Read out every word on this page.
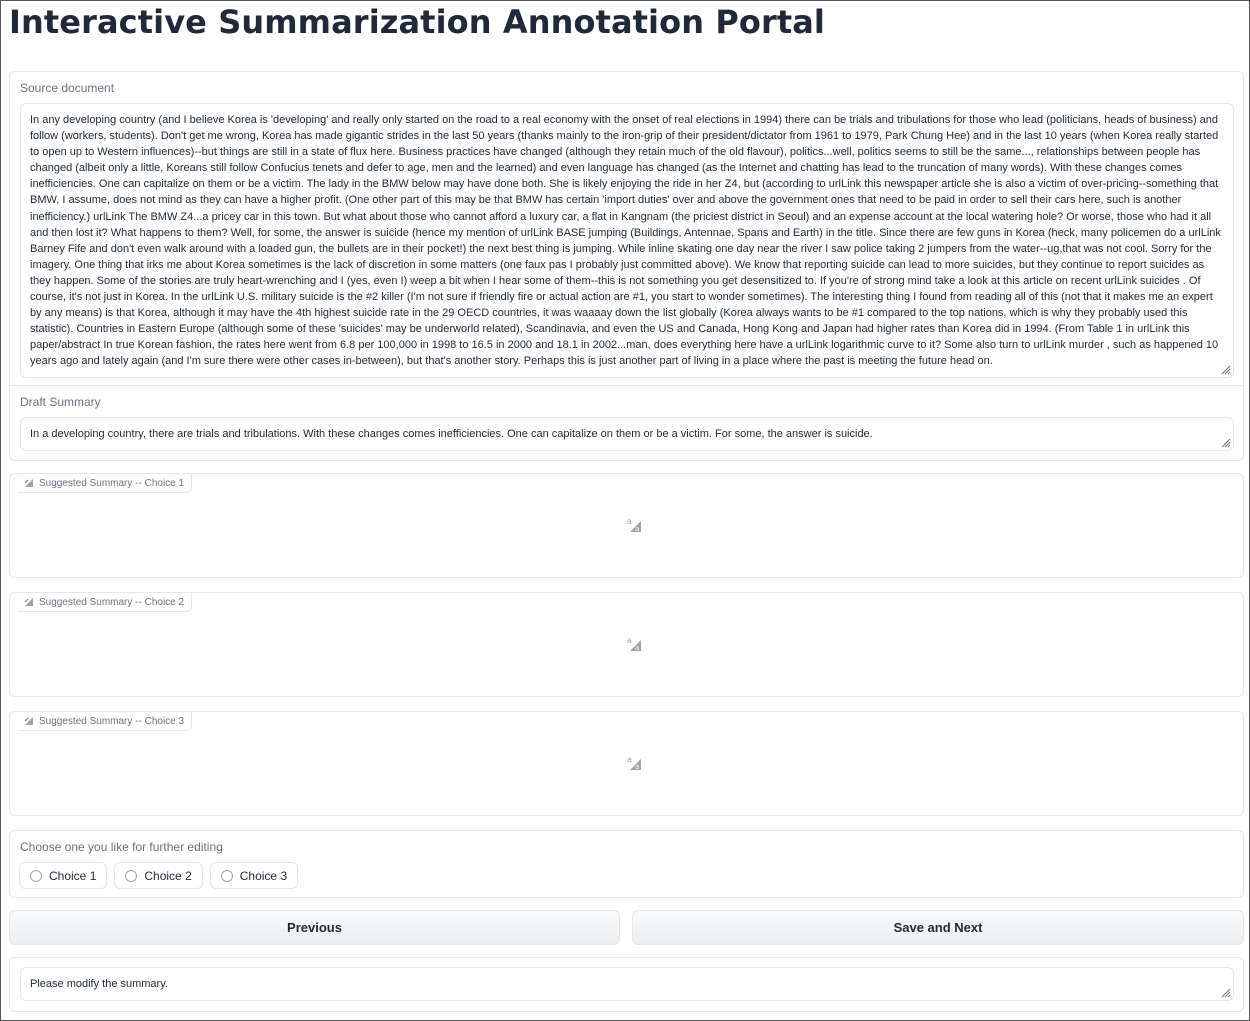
Interactive Summarization Annotation Portal
Source document
In any developing country (and I believe Korea is 'developing' and really only started on the road to a real economy with the onset of real elections in 1994) there can be trials and tribulations for those who lead (politicians, heads of business) and follow (workers, students). Don't get me wrong, Korea has made gigantic strides in the last 50 years (thanks mainly to the iron-grip of their president/dictator from 1961 to 1979, Park Chung Hee) and in the last 10 years (when Korea really started to open up to Western influences)--but things are still in a state of flux here. Business practices have changed (although they retain much of the old flavour), politics...well, politics seems to still be the same..., relationships between people has changed (albeit only a little, Koreans still follow Confucius tenets and defer to age, men and the learned) and even language has changed (as the Internet and chatting has lead to the truncation of many words). With these changes comes inefficiencies. One can capitalize on them or be a victim. The lady in the BMW below may have done both. She is likely enjoying the ride in her Z4, but (according to urlLink this newspaper article she is also a victim of over-pricing--something that BMW, I assume, does not mind as they can have a higher profit. (One other part of this may be that BMW has certain 'import duties' over and above the government ones that need to be paid in order to sell their cars here, such is another inefficiency.) urlLink The BMW Z4...a pricey car in this town. But what about those who cannot afford a luxury car, a flat in Kangnam (the priciest district in Seoul) and an expense account at the local watering hole? Or worse, those who had it all and then lost it? What happens to them? Well, for some, the answer is suicide (hence my mention of urlLink BASE jumping (Buildings, Antennae, Spans and Earth) in the title. Since there are few guns in Korea (heck, many policemen do a urlLink Barney Fife and don't even walk around with a loaded gun, the bullets are in their pocket!) the next best thing is jumping. While inline skating one day near the river I saw police taking 2 jumpers from the water--ug,that was not cool. Sorry for the imagery. One thing that irks me about Korea sometimes is the lack of discretion in some matters (one faux pas I probably just committed above). We know that reporting suicide can lead to more suicides, but they continue to report suicides as they happen. Some of the stories are truly heart-wrenching and I (yes, even I) weep a bit when I hear some of them--this is not something you get desensitized to. If you're of strong mind take a look at this article on recent urlLink suicides . Of course, it's not just in Korea. In the urlLink U.S. military suicide is the #2 killer (I'm not sure if friendly fire or actual action are #1, you start to wonder sometimes). The interesting thing I found from reading all of this (not that it makes me an expert by any means) is that Korea, although it may have the 4th highest suicide rate in the 29 OECD countries, it was waaaay down the list globally (Korea always wants to be #1 compared to the top nations, which is why they probably used this statistic). Countries in Eastern Europe (although some of these 'suicides' may be underworld related), Scandinavia, and even the US and Canada, Hong Kong and Japan had higher rates than Korea did in 1994. (From Table 1 in urlLink this paper/abstract In true Korean fashion, the rates here went from 6.8 per 100,000 in 1998 to 16.5 in 2000 and 18.1 in 2002...man, does everything here have a urlLink logarithmic curve to it? Some also turn to urlLink murder , such as happened 10 years ago and lately again (and I'm sure there were other cases in-between), but that's another story. Perhaps this is just another part of living in a place where the past is meeting the future head on.
Draft Summary
In a developing country, there are trials and tribulations. With these changes comes inefficiencies. One can capitalize on them or be a victim. For some, the answer is suicide.
Suggested Summary -- Choice 1
a
a
Suggested Summary -- Choice 2
a
a
Suggested Summary -- Choice 3
a
a
Choose one you like for further editing
Choice 1	Choice 2	Choice 3
Previous	Save and Next
Please modify the summary.
